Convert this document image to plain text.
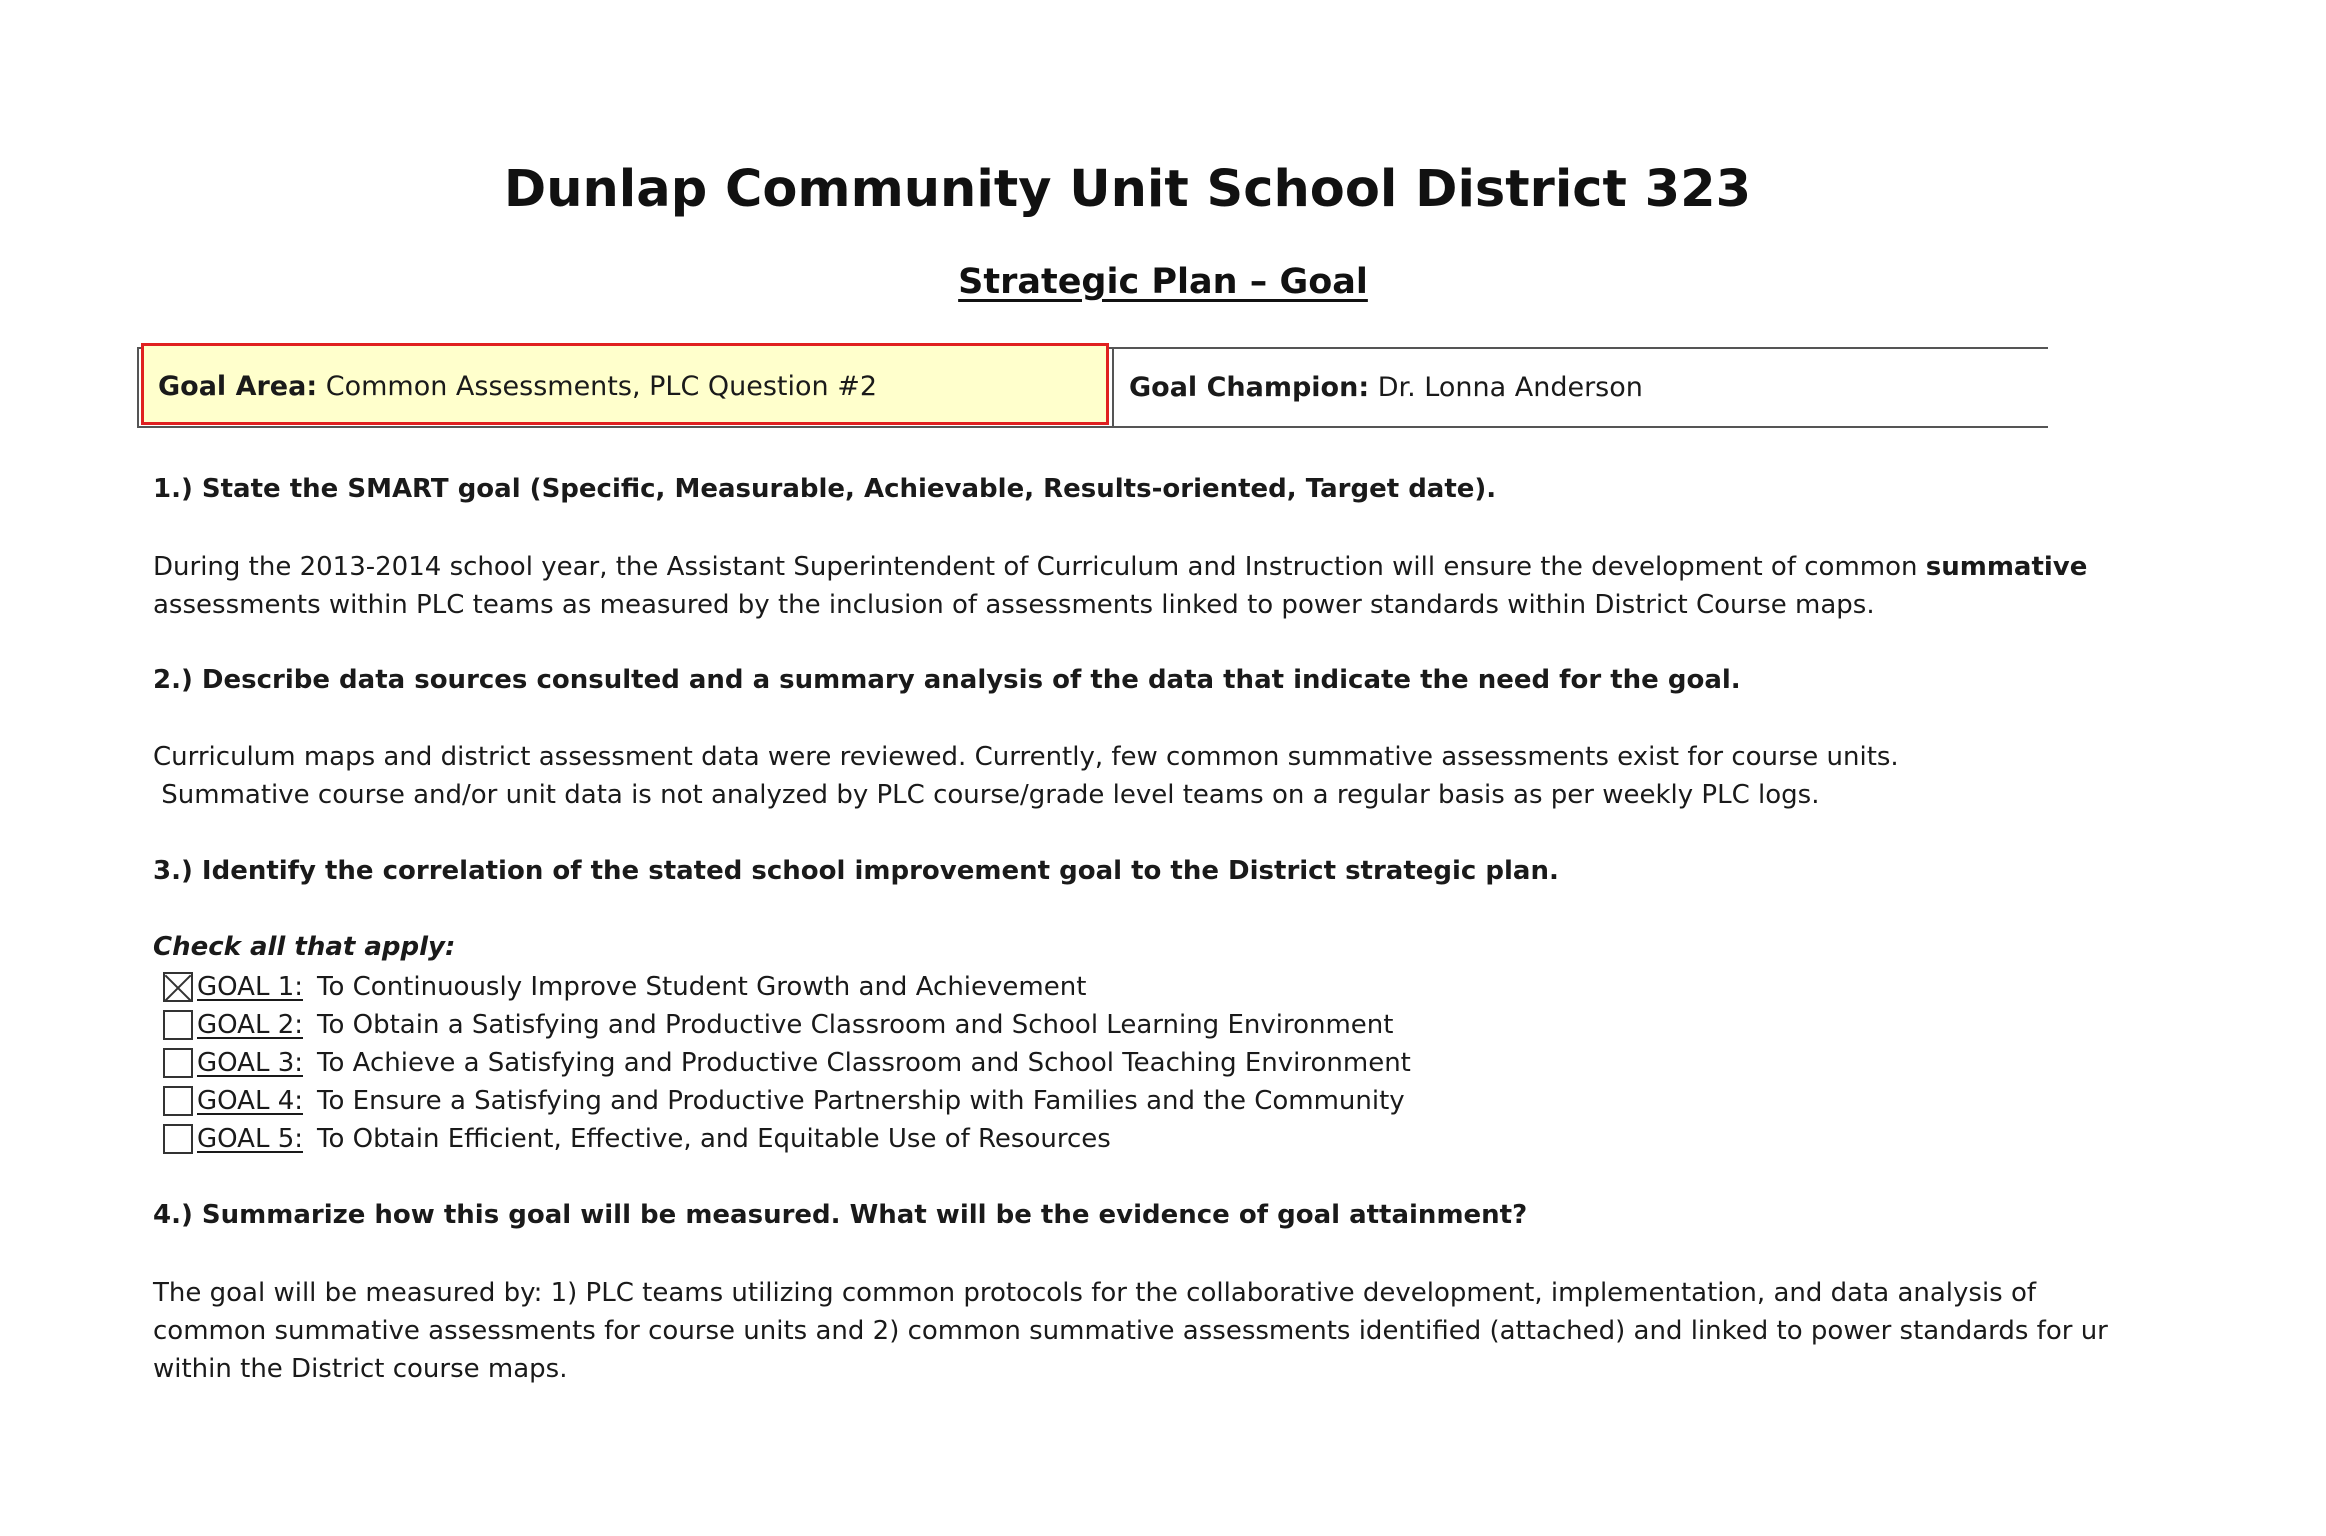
Dunlap Community Unit School District 323
Strategic Plan – Goal
Goal Area: Common Assessments, PLC Question #2	Goal Champion: Dr. Lonna Anderson
1.) State the SMART goal (Specific, Measurable, Achievable, Results-oriented, Target date).
During the 2013-2014 school year, the Assistant Superintendent of Curriculum and Instruction will ensure the development of common summative
assessments within PLC teams as measured by the inclusion of assessments linked to power standards within District Course maps.
2.) Describe data sources consulted and a summary analysis of the data that indicate the need for the goal.
Curriculum maps and district assessment data were reviewed. Currently, few common summative assessments exist for course units.
Summative course and/or unit data is not analyzed by PLC course/grade level teams on a regular basis as per weekly PLC logs.
3.) Identify the correlation of the stated school improvement goal to the District strategic plan.
Check all that apply:
GOAL 1: To Continuously Improve Student Growth and Achievement
GOAL 2: To Obtain a Satisfying and Productive Classroom and School Learning Environment
GOAL 3: To Achieve a Satisfying and Productive Classroom and School Teaching Environment
GOAL 4: To Ensure a Satisfying and Productive Partnership with Families and the Community
GOAL 5: To Obtain Efficient, Effective, and Equitable Use of Resources
4.) Summarize how this goal will be measured. What will be the evidence of goal attainment?
The goal will be measured by: 1) PLC teams utilizing common protocols for the collaborative development, implementation, and data analysis of
common summative assessments for course units and 2) common summative assessments identified (attached) and linked to power standards for ur
within the District course maps.
